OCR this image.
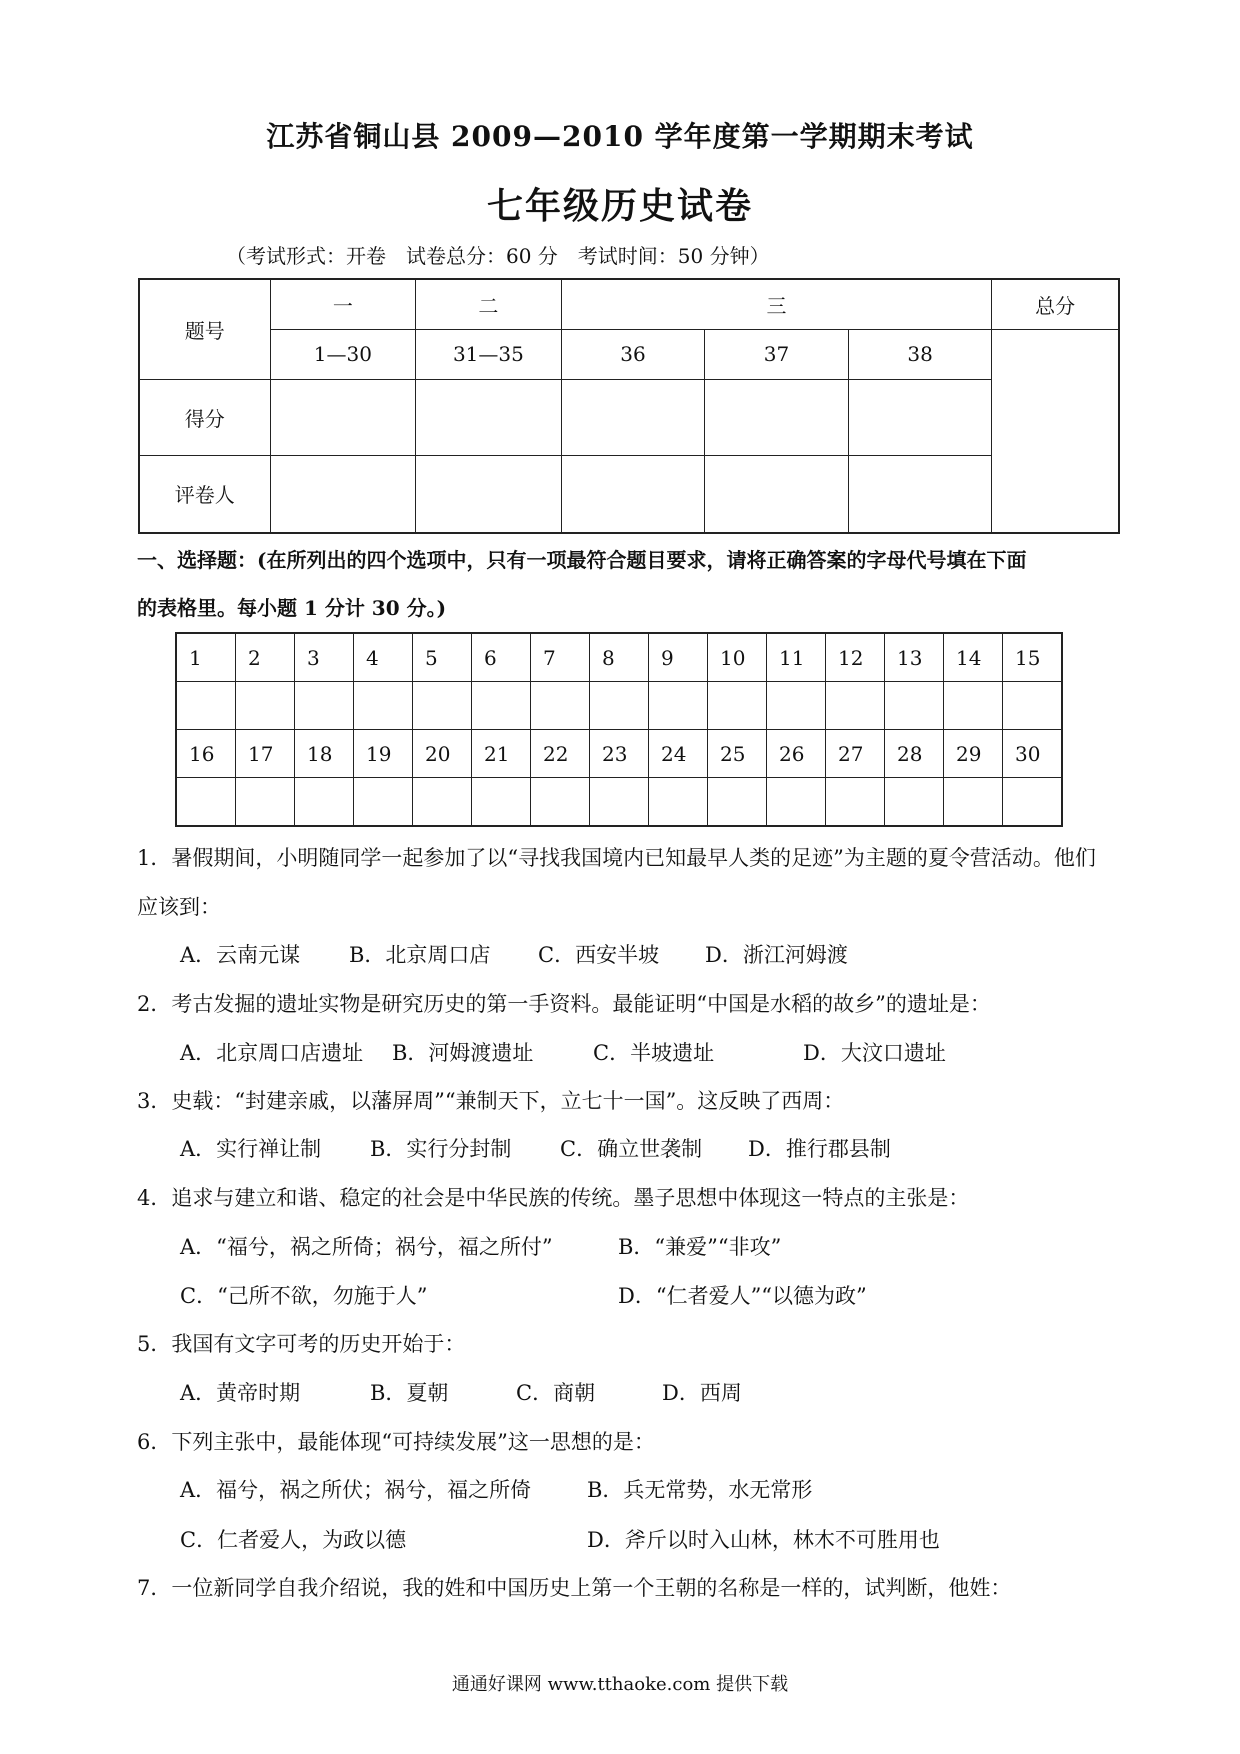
江苏省铜山县 2009—2010 学年度第一学期期末考试
七年级历史试卷
（考试形式：开卷　试卷总分：60 分　考试时间：50 分钟）
题号	一	二	三			总分
	1—30	31—35	36	37	38	
得分						
评卷人						
一、选择题：(在所列出的四个选项中，只有一项最符合题目要求，请将正确答案的字母代号填在下面
的表格里。每小题 1 分计 30 分。)
1	2	3	4	5	6	7	8	9	10	11	12	13	14	15

16	17	18	19	20	21	22	23	24	25	26	27	28	29	30

1．暑假期间，小明随同学一起参加了以“寻找我国境内已知最早人类的足迹”为主题的夏令营活动。他们
应该到：
A．云南元谋 B．北京周口店 C．西安半坡 D．浙江河姆渡
2．考古发掘的遗址实物是研究历史的第一手资料。最能证明“中国是水稻的故乡”的遗址是：
A．北京周口店遗址 B．河姆渡遗址	C．半坡遗址	D．大汶口遗址
3．史载：“封建亲戚，以藩屏周”“兼制天下，立七十一国”。这反映了西周：
A．实行禅让制 B．实行分封制 C．确立世袭制 D．推行郡县制
4．追求与建立和谐、稳定的社会是中华民族的传统。墨子思想中体现这一特点的主张是：
A．“福兮，祸之所倚；祸兮，福之所付”	B．“兼爱”“非攻”
C．“己所不欲，勿施于人”	D．“仁者爱人”“以德为政”
5．我国有文字可考的历史开始于：
A．黄帝时期	B．夏朝	C．商朝	D．西周
6．下列主张中，最能体现“可持续发展”这一思想的是：
A．福兮，祸之所伏；祸兮，福之所倚	B．兵无常势，水无常形
C．仁者爱人，为政以德	D．斧斤以时入山林，林木不可胜用也
7．一位新同学自我介绍说，我的姓和中国历史上第一个王朝的名称是一样的，试判断，他姓：
通通好课网 www.tthaoke.com 提供下载
